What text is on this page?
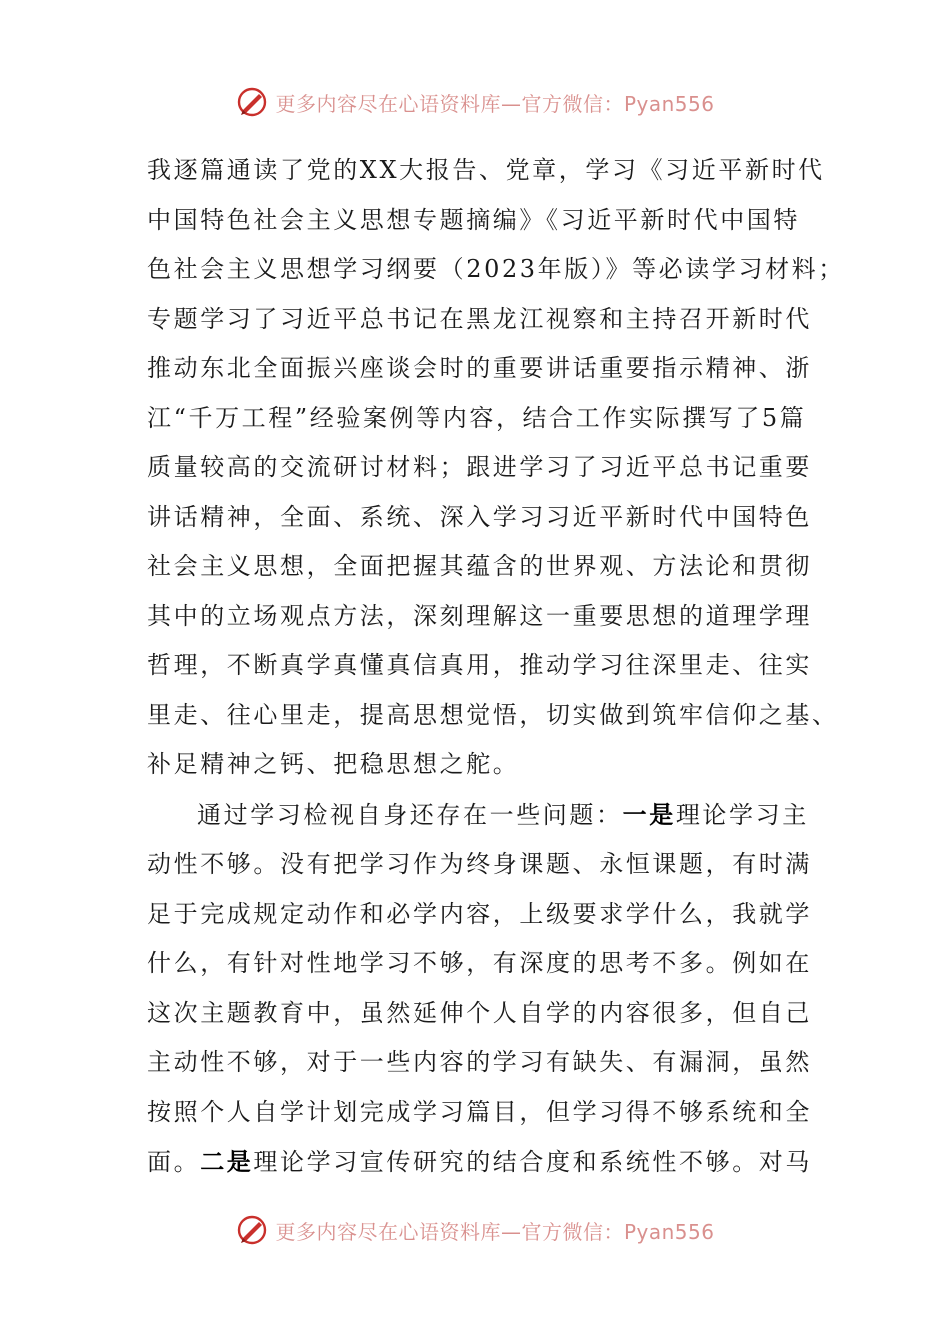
更多内容尽在心语资料库—官方微信：Pyan556

我逐篇通读了党的XX大报告、党章，学习《习近平新时代
中国特色社会主义思想专题摘编》《习近平新时代中国特
色社会主义思想学习纲要（2023年版）》等必读学习材料；
专题学习了习近平总书记在黑龙江视察和主持召开新时代
推动东北全面振兴座谈会时的重要讲话重要指示精神、浙
江“千万工程”经验案例等内容，结合工作实际撰写了5篇
质量较高的交流研讨材料；跟进学习了习近平总书记重要
讲话精神，全面、系统、深入学习习近平新时代中国特色
社会主义思想，全面把握其蕴含的世界观、方法论和贯彻
其中的立场观点方法，深刻理解这一重要思想的道理学理
哲理，不断真学真懂真信真用，推动学习往深里走、往实
里走、往心里走，提高思想觉悟，切实做到筑牢信仰之基、
补足精神之钙、把稳思想之舵。

通过学习检视自身还存在一些问题：一是理论学习主
动性不够。没有把学习作为终身课题、永恒课题，有时满
足于完成规定动作和必学内容，上级要求学什么，我就学
什么，有针对性地学习不够，有深度的思考不多。例如在
这次主题教育中，虽然延伸个人自学的内容很多，但自己
主动性不够，对于一些内容的学习有缺失、有漏洞，虽然
按照个人自学计划完成学习篇目，但学习得不够系统和全
面。二是理论学习宣传研究的结合度和系统性不够。对马

更多内容尽在心语资料库—官方微信：Pyan556
